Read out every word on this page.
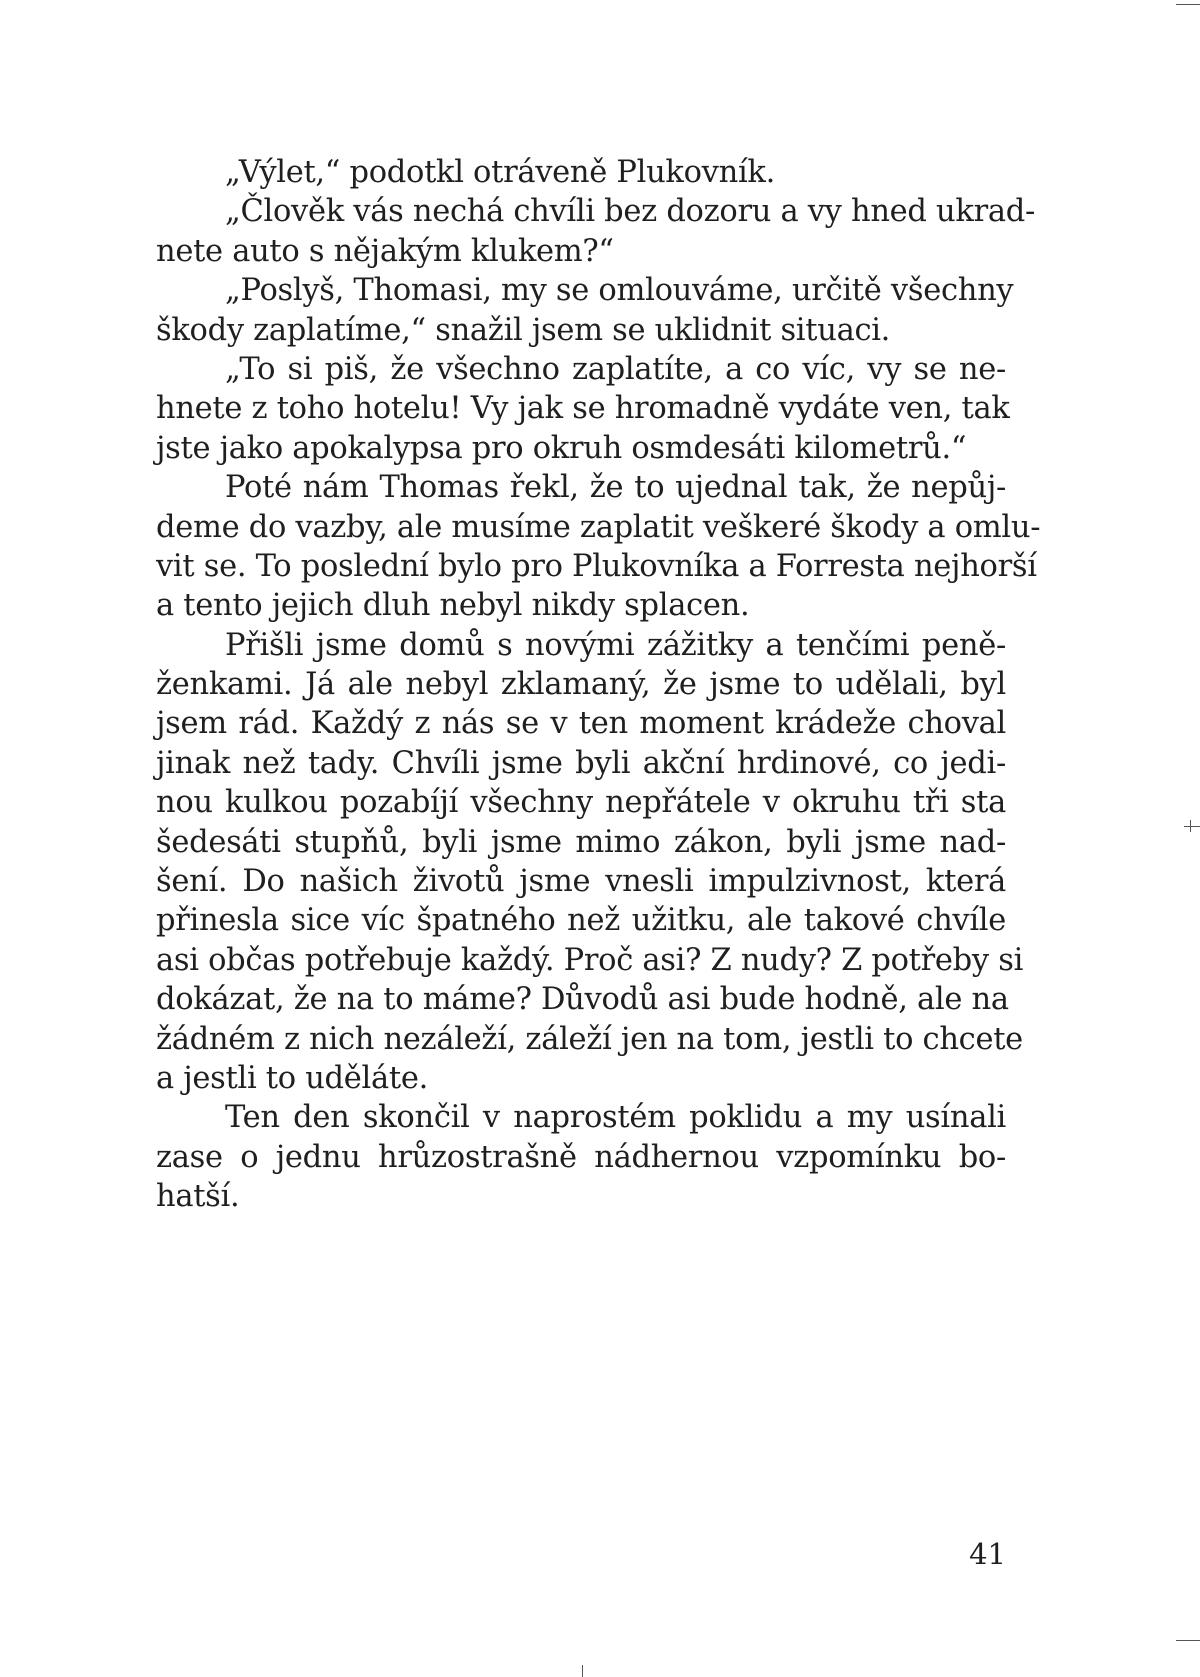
„Výlet,“ podotkl otráveně Plukovník.
„Člověk vás nechá chvíli bez dozoru a vy hned ukrad-
nete auto s nějakým klukem?“
„Poslyš, Thomasi, my se omlouváme, určitě všechny
škody zaplatíme,“ snažil jsem se uklidnit situaci.
„To si piš, že všechno zaplatíte, a co víc, vy se ne-
hnete z toho hotelu! Vy jak se hromadně vydáte ven, tak
jste jako apokalypsa pro okruh osmdesáti kilometrů.“
Poté nám Thomas řekl, že to ujednal tak, že nepůj-
deme do vazby, ale musíme zaplatit veškeré škody a omlu-
vit se. To poslední bylo pro Plukovníka a Forresta nejhorší
a tento jejich dluh nebyl nikdy splacen.
Přišli jsme domů s novými zážitky a tenčími peně-
ženkami. Já ale nebyl zklamaný, že jsme to udělali, byl
jsem rád. Každý z nás se v ten moment krádeže choval
jinak než tady. Chvíli jsme byli akční hrdinové, co jedi-
nou kulkou pozabíjí všechny nepřátele v okruhu tři sta
šedesáti stupňů, byli jsme mimo zákon, byli jsme nad-
šení. Do našich životů jsme vnesli impulzivnost, která
přinesla sice víc špatného než užitku, ale takové chvíle
asi občas potřebuje každý. Proč asi? Z nudy? Z potřeby si
dokázat, že na to máme? Důvodů asi bude hodně, ale na
žádném z nich nezáleží, záleží jen na tom, jestli to chcete
a jestli to uděláte.
Ten den skončil v naprostém poklidu a my usínali
zase o jednu hrůzostrašně nádhernou vzpomínku bo-
hatší.
41
